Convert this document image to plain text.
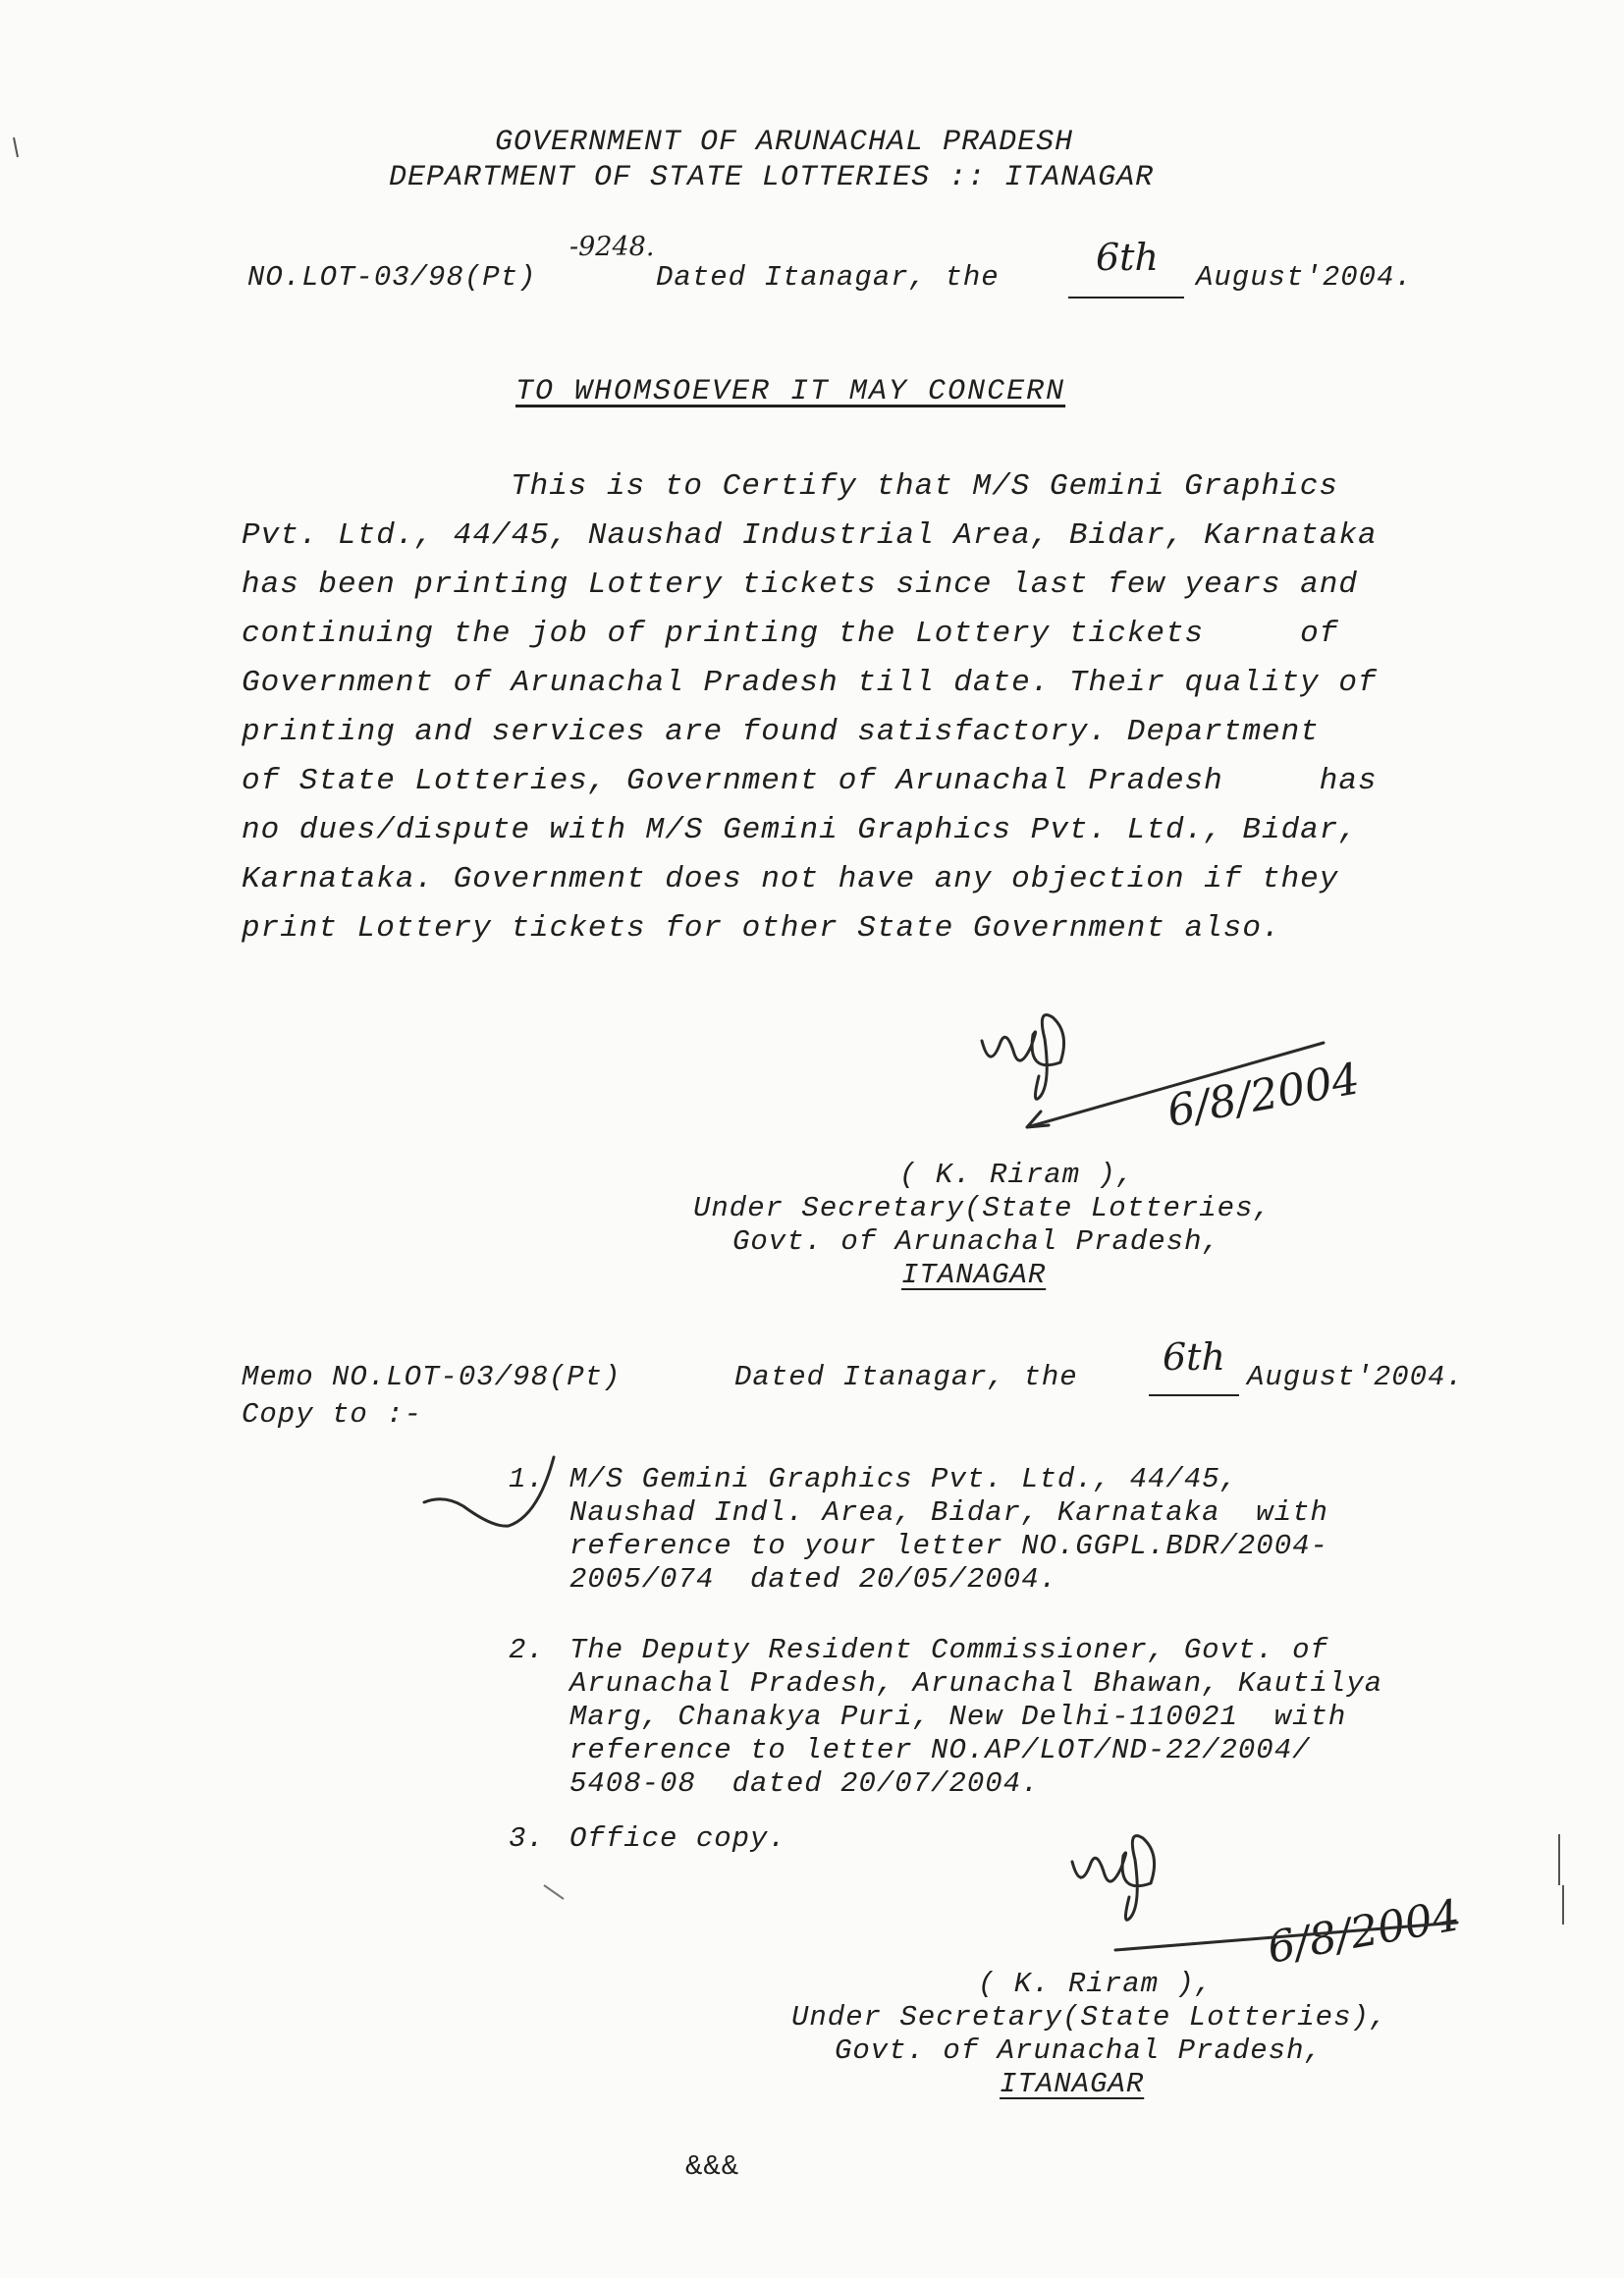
GOVERNMENT OF ARUNACHAL PRADESH
DEPARTMENT OF STATE LOTTERIES :: ITANAGAR
NO.LOT-03/98(Pt)
-9248.
Dated Itanagar, the	6th August'2004.
TO WHOMSOEVER IT MAY CONCERN
This is to Certify that M/S Gemini Graphics
Pvt. Ltd., 44/45, Naushad Industrial Area, Bidar, Karnataka
has been printing Lottery tickets since last few years and
continuing the job of printing the Lottery tickets     of
Government of Arunachal Pradesh till date. Their quality of
printing and services are found satisfactory. Department
of State Lotteries, Government of Arunachal Pradesh     has
no dues/dispute with M/S Gemini Graphics Pvt. Ltd., Bidar,
Karnataka. Government does not have any objection if they
print Lottery tickets for other State Government also.
6/8/2004
( K. Riram ),
Under Secretary(State Lotteries,
Govt. of Arunachal Pradesh,
ITANAGAR
Memo NO.LOT-03/98(Pt)	Dated Itanagar, the 6th August'2004.
Copy to :-
1. M/S Gemini Graphics Pvt. Ltd., 44/45,
Naushad Indl. Area, Bidar, Karnataka  with
reference to your letter NO.GGPL.BDR/2004-
2005/074  dated 20/05/2004.
2. The Deputy Resident Commissioner, Govt. of
Arunachal Pradesh, Arunachal Bhawan, Kautilya
Marg, Chanakya Puri, New Delhi-110021  with
reference to letter NO.AP/LOT/ND-22/2004/
5408-08  dated 20/07/2004.
3. Office copy.
6/8/2004
( K. Riram ),
Under Secretary(State Lotteries),
Govt. of Arunachal Pradesh,
ITANAGAR
&&&
